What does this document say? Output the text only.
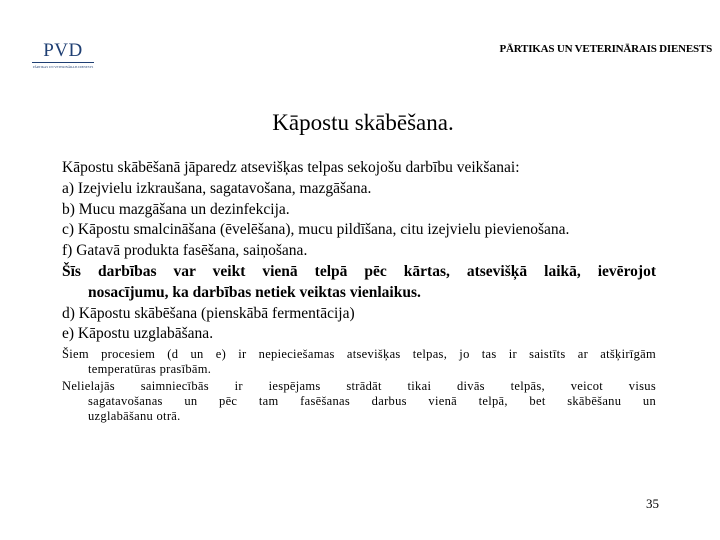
PVD
PĀRTIKAS UN VETERINĀRAIS DIENESTS
PĀRTIKAS UN VETERINĀRAIS DIENESTS
Kāpostu skābēšana.

Kāpostu skābēšanā jāparedz atsevišķas telpas sekojošu darbību veikšanai:

a) Izejvielu izkraušana, sagatavošana, mazgāšana.

b) Mucu mazgāšana un dezinfekcija.

c) Kāpostu smalcināšana (ēvelēšana), mucu pildīšana, citu izejvielu pievienošana.

f) Gatavā produkta fasēšana, saiņošana.

Šīs darbības var veikt vienā telpā pēc kārtas, atsevišķā laikā, ievērojot

nosacījumu, ka darbības netiek veiktas vienlaikus.

d) Kāpostu skābēšana (pienskābā fermentācija)

e) Kāpostu uzglabāšana.

Šiem procesiem (d un e) ir nepieciešamas atsevišķas telpas, jo tas ir saistīts ar atšķirīgām

temperatūras prasībām.

Nelielajās saimniecībās ir iespējams strādāt tikai divās telpās, veicot visus

sagatavošanas un pēc tam fasēšanas darbus vienā telpā, bet skābēšanu un

uzglabāšanu otrā.

35
